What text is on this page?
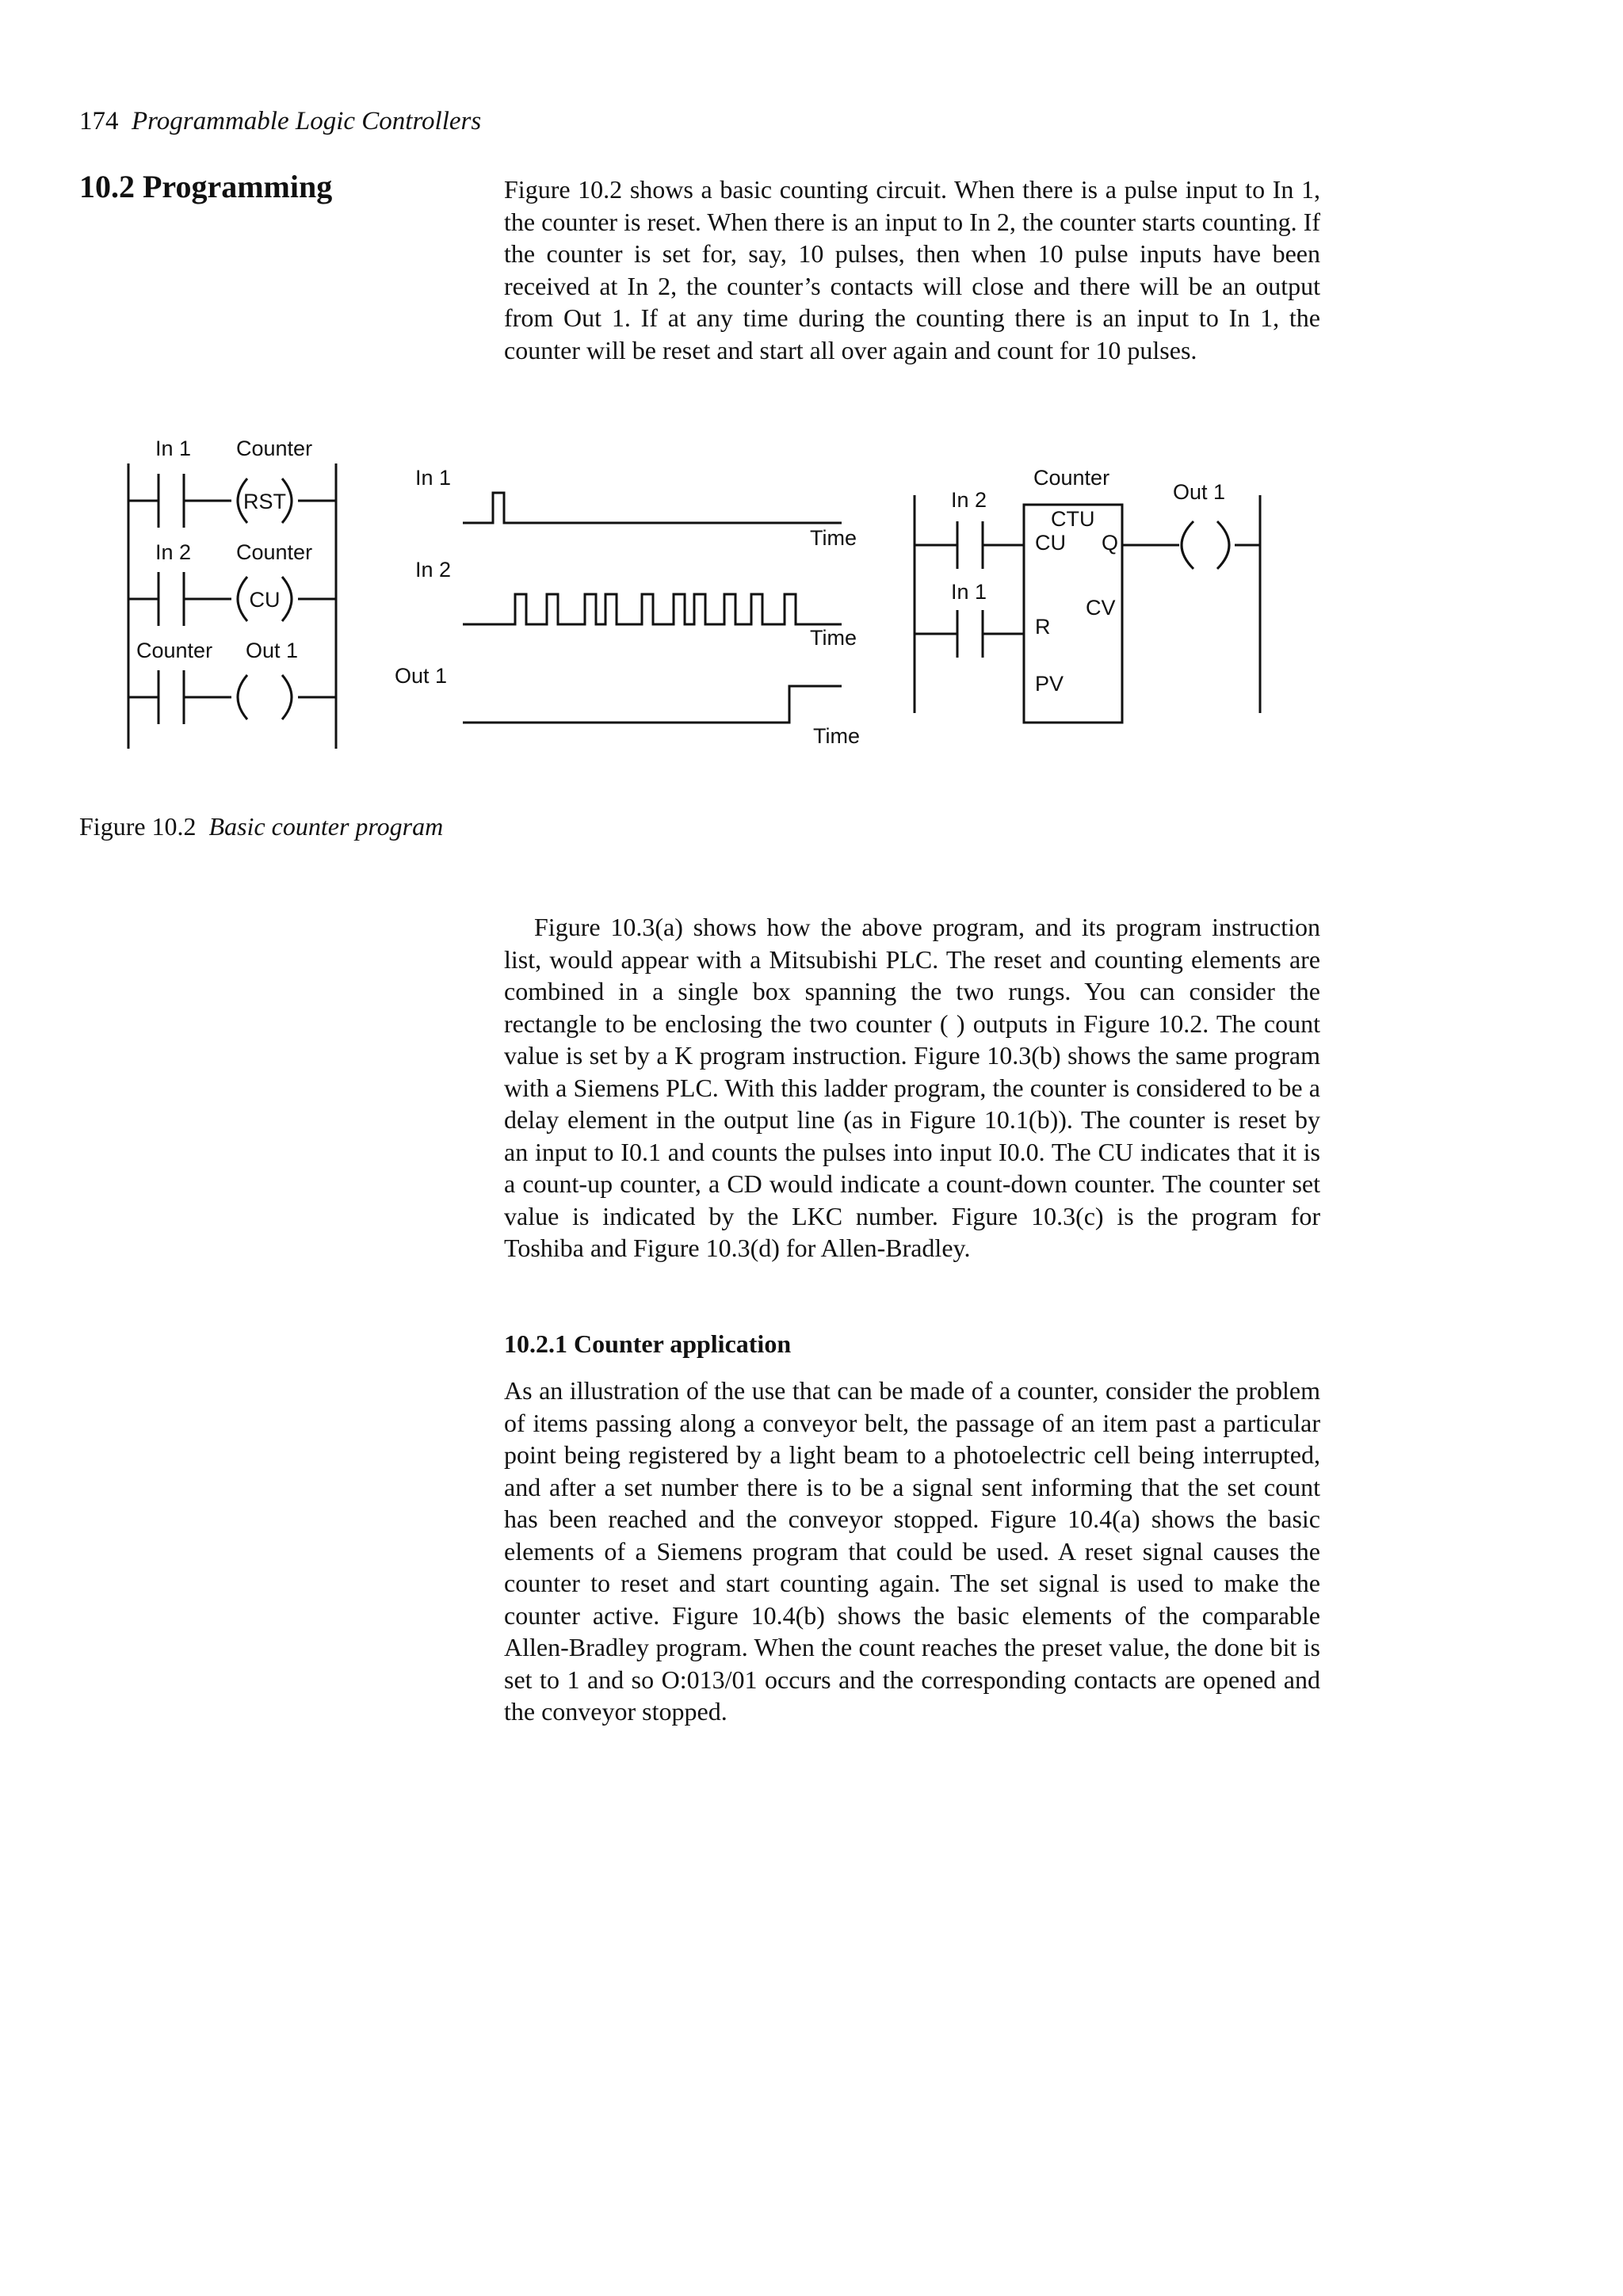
174 Programmable Logic Controllers
10.2 Programming	Figure 10.2 shows a basic counting circuit. When there is a pulse input to In 1, the counter is reset. When there is an input to In 2, the counter starts counting. If the counter is set for, say, 10 pulses, then when 10 pulse inputs have been received at In 2, the counter’s contacts will close and there will be an output from Out 1. If at any time during the counting there is an input to In 1, the counter will be reset and start all over again and count for 10 pulses.

In 1 Counter
RST
In 2 Counter
CU
Counter Out 1
In 1
In 2
Out 1
Time
Time
Time
In 2
In 1
Counter
CTU
CU Q
CV
R
PV
Out 1
Figure 10.2 Basic counter program

Figure 10.3(a) shows how the above program, and its program instruction list, would appear with a Mitsubishi PLC. The reset and counting elements are combined in a single box spanning the two rungs. You can consider the rectangle to be enclosing the two counter ( ) outputs in Figure 10.2. The count value is set by a K program instruction. Figure 10.3(b) shows the same program with a Siemens PLC. With this ladder program, the counter is considered to be a delay element in the output line (as in Figure 10.1(b)). The counter is reset by an input to I0.1 and counts the pulses into input I0.0. The CU indicates that it is a count-up counter, a CD would indicate a count-down counter. The counter set value is indicated by the LKC number. Figure 10.3(c) is the program for Toshiba and Figure 10.3(d) for Allen-Bradley.

10.2.1 Counter application

As an illustration of the use that can be made of a counter, consider the problem of items passing along a conveyor belt, the passage of an item past a particular point being registered by a light beam to a photoelectric cell being interrupted, and after a set number there is to be a signal sent informing that the set count has been reached and the conveyor stopped. Figure 10.4(a) shows the basic elements of a Siemens program that could be used. A reset signal causes the counter to reset and start counting again. The set signal is used to make the counter active. Figure 10.4(b) shows the basic elements of the comparable Allen-Bradley program. When the count reaches the preset value, the done bit is set to 1 and so O:013/01 occurs and the corresponding contacts are opened and the conveyor stopped.
